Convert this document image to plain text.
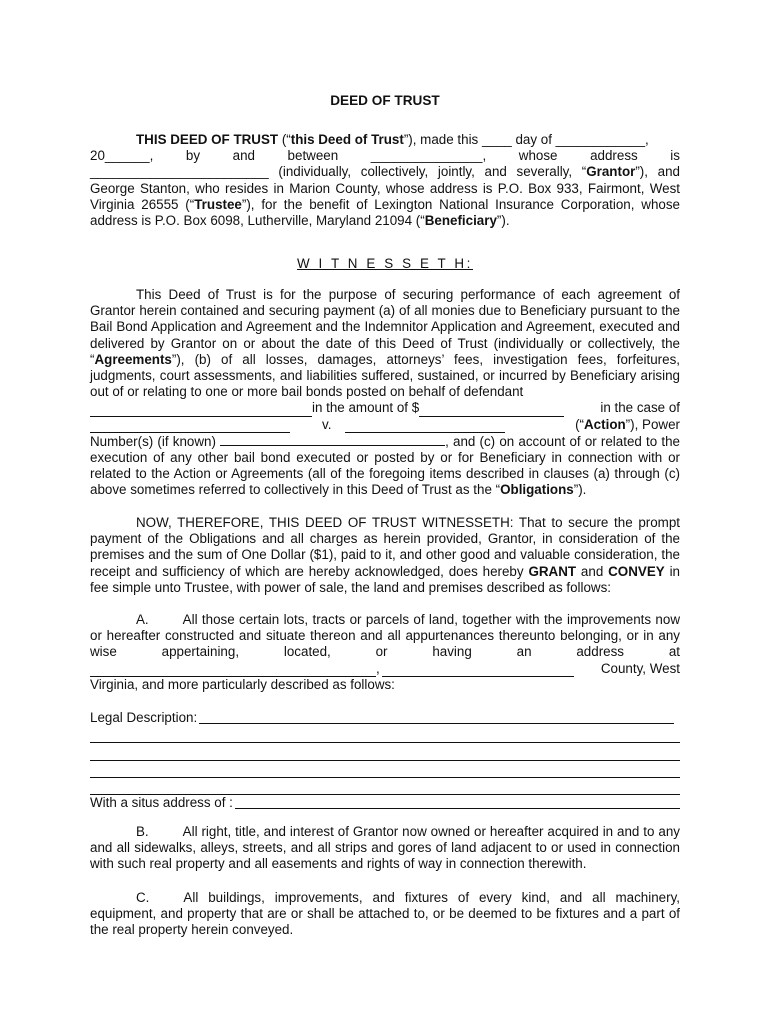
DEED OF TRUST
THIS DEED OF TRUST (“this Deed of Trust”), made this ____ day of ____________,
20______, by and between _______________, whose address is
________________________ (individually, collectively, jointly, and severally, “Grantor”), and George Stanton, who resides in Marion County, whose address is P.O. Box 933, Fairmont, West Virginia 26555 (“Trustee”), for the benefit of Lexington National Insurance Corporation, whose address is P.O. Box 6098, Lutherville, Maryland 21094 (“Beneficiary”).
W I T N E S S E T H:
This Deed of Trust is for the purpose of securing performance of each agreement of Grantor herein contained and securing payment (a) of all monies due to Beneficiary pursuant to the Bail Bond Application and Agreement and the Indemnitor Application and Agreement, executed and delivered by Grantor on or about the date of this Deed of Trust (individually or collectively, the “Agreements”), (b) of all losses, damages, attorneys’ fees, investigation fees, forfeitures, judgments, court assessments, and liabilities suffered, sustained, or incurred by Beneficiary arising out of or relating to one or more bail bonds posted on behalf of defendant
in the amount of $	in the case of
v.	(“Action”), Power
Number(s) (if known)	, and (c) on account of or related to the execution of any other bail bond executed or posted by or for Beneficiary in connection with or related to the Action or Agreements (all of the foregoing items described in clauses (a) through (c) above sometimes referred to collectively in this Deed of Trust as the “Obligations”).
NOW, THEREFORE, THIS DEED OF TRUST WITNESSETH: That to secure the prompt payment of the Obligations and all charges as herein provided, Grantor, in consideration of the premises and the sum of One Dollar ($1), paid to it, and other good and valuable consideration, the receipt and sufficiency of which are hereby acknowledged, does hereby GRANT and CONVEY in fee simple unto Trustee, with power of sale, the land and premises described as follows:
A.	All those certain lots, tracts or parcels of land, together with the improvements now or hereafter constructed and situate thereon and all appurtenances thereunto belonging, or in any wise appertaining, located, or having an address at
,	County, West
Virginia, and more particularly described as follows:
Legal Description:
With a situs address of :
B.	All right, title, and interest of Grantor now owned or hereafter acquired in and to any and all sidewalks, alleys, streets, and all strips and gores of land adjacent to or used in connection with such real property and all easements and rights of way in connection therewith.
C.	All buildings, improvements, and fixtures of every kind, and all machinery, equipment, and property that are or shall be attached to, or be deemed to be fixtures and a part of the real property herein conveyed.
